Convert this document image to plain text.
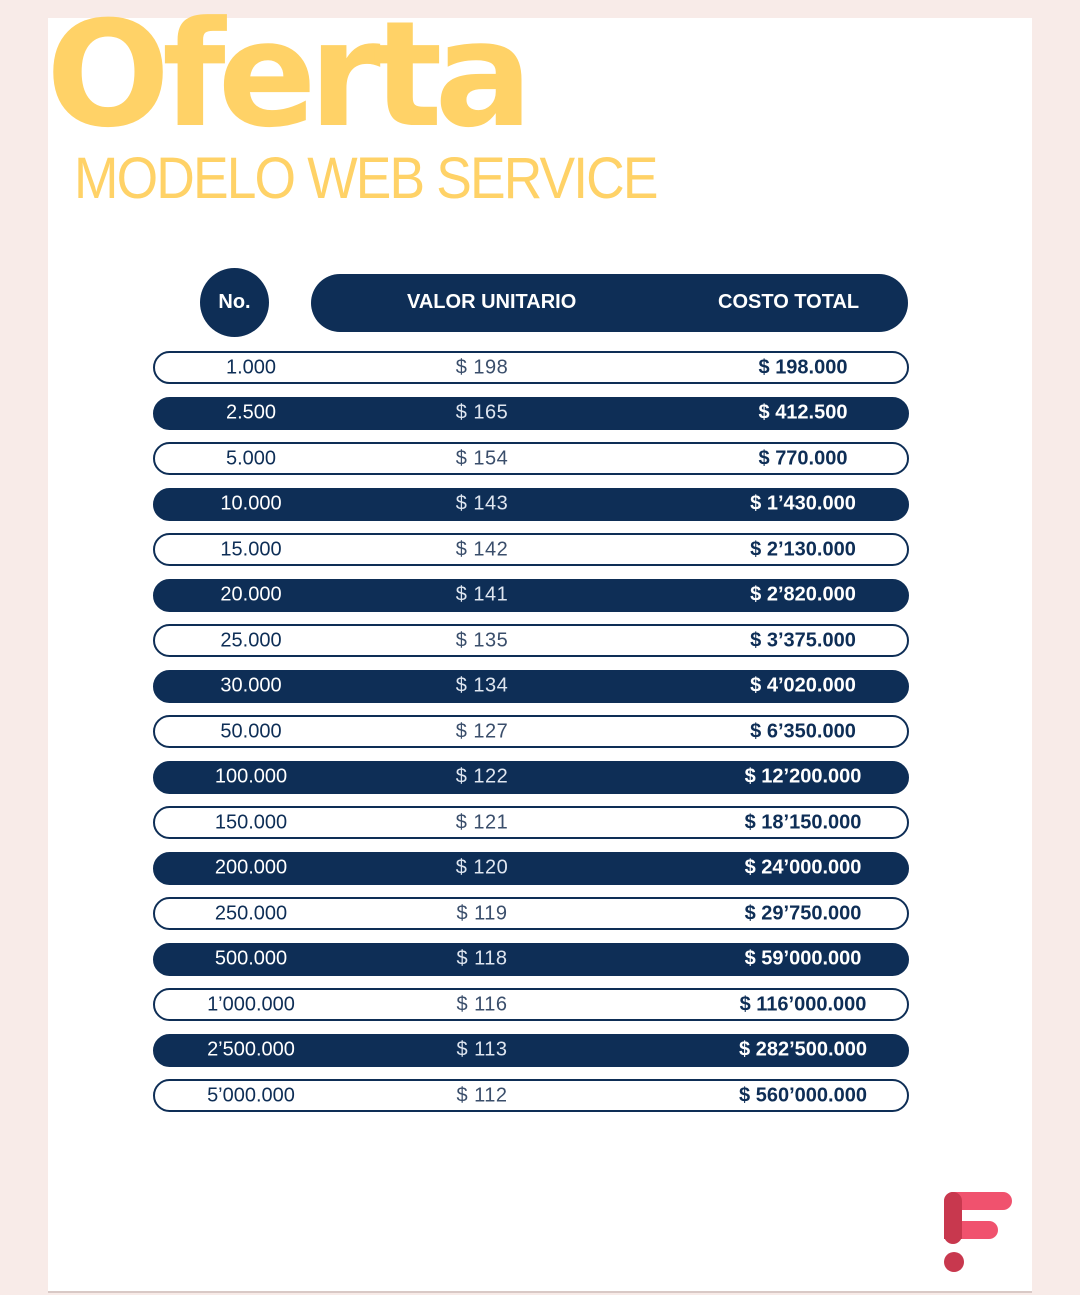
Oferta
MODELO WEB SERVICE
No.	VALOR UNITARIO	COSTO TOTAL
1.000	$ 198	$ 198.000
2.500	$ 165	$ 412.500
5.000	$ 154	$ 770.000
10.000	$ 143	$ 1’430.000
15.000	$ 142	$ 2’130.000
20.000	$ 141	$ 2’820.000
25.000	$ 135	$ 3’375.000
30.000	$ 134	$ 4’020.000
50.000	$ 127	$ 6’350.000
100.000	$ 122	$ 12’200.000
150.000	$ 121	$ 18’150.000
200.000	$ 120	$ 24’000.000
250.000	$ 119	$ 29’750.000
500.000	$ 118	$ 59’000.000
1’000.000	$ 116	$ 116’000.000
2’500.000	$ 113	$ 282’500.000
5’000.000	$ 112	$ 560’000.000
